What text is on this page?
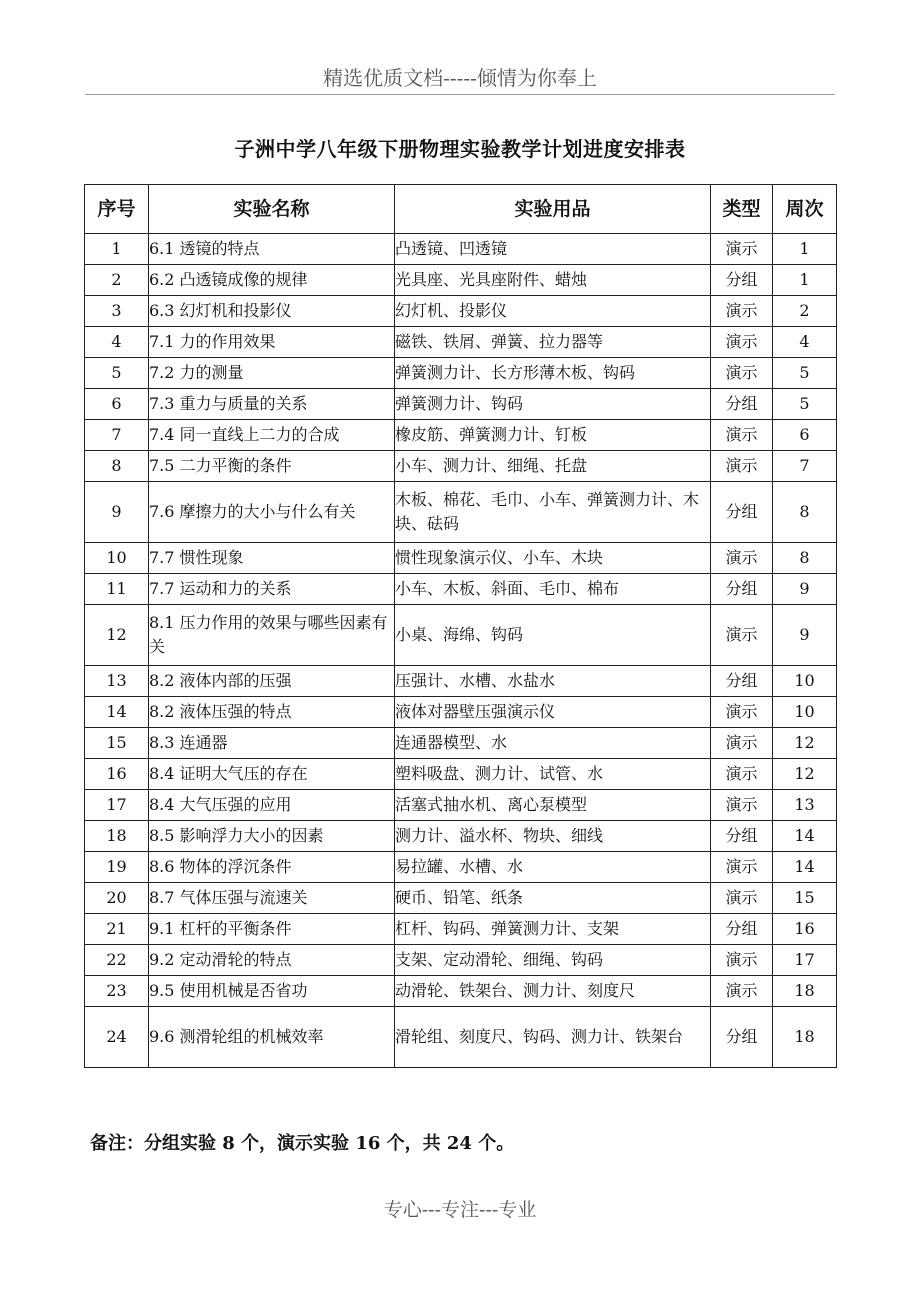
精选优质文档-----倾情为你奉上
子洲中学八年级下册物理实验教学计划进度安排表
序号	实验名称	实验用品	类型	周次
1	6.1 透镜的特点	凸透镜、凹透镜	演示	1
2	6.2 凸透镜成像的规律	光具座、光具座附件、蜡烛	分组	1
3	6.3 幻灯机和投影仪	幻灯机、投影仪	演示	2
4	7.1 力的作用效果	磁铁、铁屑、弹簧、拉力器等	演示	4
5	7.2 力的测量	弹簧测力计、长方形薄木板、钩码	演示	5
6	7.3 重力与质量的关系	弹簧测力计、钩码	分组	5
7	7.4 同一直线上二力的合成	橡皮筋、弹簧测力计、钉板	演示	6
8	7.5 二力平衡的条件	小车、测力计、细绳、托盘	演示	7
9	7.6 摩擦力的大小与什么有关	木板、棉花、毛巾、小车、弹簧测力计、木块、砝码	分组	8
10	7.7 惯性现象	惯性现象演示仪、小车、木块	演示	8
11	7.7 运动和力的关系	小车、木板、斜面、毛巾、棉布	分组	9
12	8.1 压力作用的效果与哪些因素有关	小桌、海绵、钩码	演示	9
13	8.2 液体内部的压强	压强计、水槽、水盐水	分组	10
14	8.2 液体压强的特点	液体对器壁压强演示仪	演示	10
15	8.3 连通器	连通器模型、水	演示	12
16	8.4 证明大气压的存在	塑料吸盘、测力计、试管、水	演示	12
17	8.4 大气压强的应用	活塞式抽水机、离心泵模型	演示	13
18	8.5 影响浮力大小的因素	测力计、溢水杯、物块、细线	分组	14
19	8.6 物体的浮沉条件	易拉罐、水槽、水	演示	14
20	8.7 气体压强与流速关	硬币、铅笔、纸条	演示	15
21	9.1 杠杆的平衡条件	杠杆、钩码、弹簧测力计、支架	分组	16
22	9.2 定动滑轮的特点	支架、定动滑轮、细绳、钩码	演示	17
23	9.5 使用机械是否省功	动滑轮、铁架台、测力计、刻度尺	演示	18
24	9.6 测滑轮组的机械效率	滑轮组、刻度尺、钩码、测力计、铁架台	分组	18
备注：分组实验 8 个，演示实验 16 个，共 24 个。
专心---专注---专业
